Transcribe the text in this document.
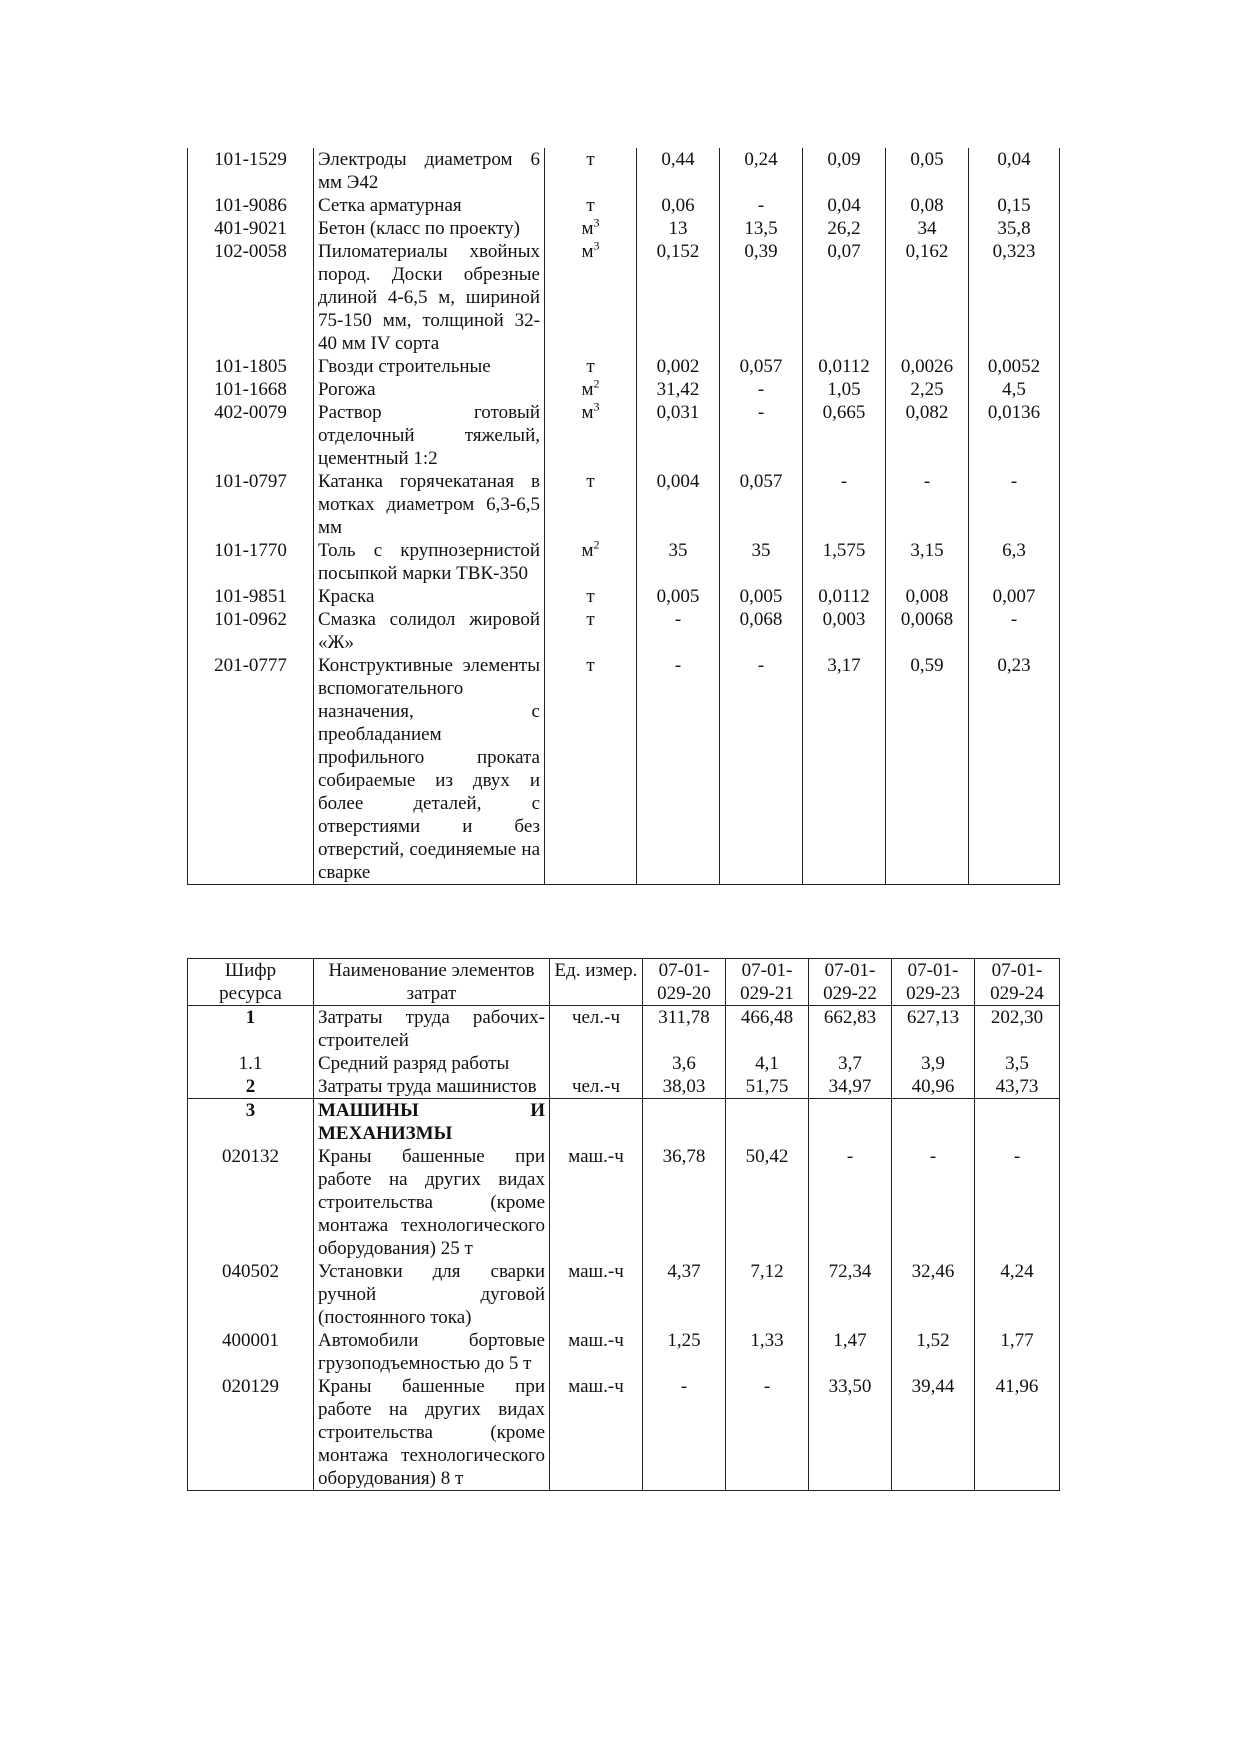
101-1529	Электроды диаметром 6 мм Э42	т	0,44	0,24	0,09	0,05	0,04
101-9086	Сетка арматурная	т	0,06	-	0,04	0,08	0,15
401-9021	Бетон (класс по проекту)	$м^3$	13	13,5	26,2	34	35,8
102-0058	Пиломатериалы хвойных пород. Доски обрезные длиной 4-6,5 м, шириной 75-150 мм, толщиной 32-40 мм IV сорта	$м^3$	0,152	0,39	0,07	0,162	0,323
101-1805	Гвозди строительные	т	0,002	0,057	0,0112	0,0026	0,0052
101-1668	Рогожа	$м^2$	31,42	-	1,05	2,25	4,5
402-0079	Раствор готовый отделочный тяжелый, цементный 1:2	$м^3$	0,031	-	0,665	0,082	0,0136
101-0797	Катанка горячекатаная в мотках диаметром 6,3-6,5 мм	т	0,004	0,057	-	-	-
101-1770	Толь с крупнозернистой посыпкой марки ТВК-350	$м^2$	35	35	1,575	3,15	6,3
101-9851	Краска	т	0,005	0,005	0,0112	0,008	0,007
101-0962	Смазка солидол жировой «Ж»	т	-	0,068	0,003	0,0068	-
201-0777	Конструктивные элементы вспомогательного назначения, с преобладанием профильного проката собираемые из двух и более деталей, с отверстиями и без отверстий, соединяемые на сварке	т	-	-	3,17	0,59	0,23
Шифр ресурса	Наименование элементов затрат	Ед. измер.	07-01-029-20	07-01-029-21	07-01-029-22	07-01-029-23	07-01-029-24
1	Затраты труда рабочих-строителей	чел.-ч	311,78	466,48	662,83	627,13	202,30
1.1	Средний разряд работы		3,6	4,1	3,7	3,9	3,5
2	Затраты труда машинистов	чел.-ч	38,03	51,75	34,97	40,96	43,73
3	МАШИНЫ И МЕХАНИЗМЫ						
020132	Краны башенные при работе на других видах строительства (кроме монтажа технологического оборудования) 25 т	маш.-ч	36,78	50,42	-	-	-
040502	Установки для сварки ручной дуговой (постоянного тока)	маш.-ч	4,37	7,12	72,34	32,46	4,24
400001	Автомобили бортовые грузоподъемностью до 5 т	маш.-ч	1,25	1,33	1,47	1,52	1,77
020129	Краны башенные при работе на других видах строительства (кроме монтажа технологического оборудования) 8 т	маш.-ч	-	-	33,50	39,44	41,96
